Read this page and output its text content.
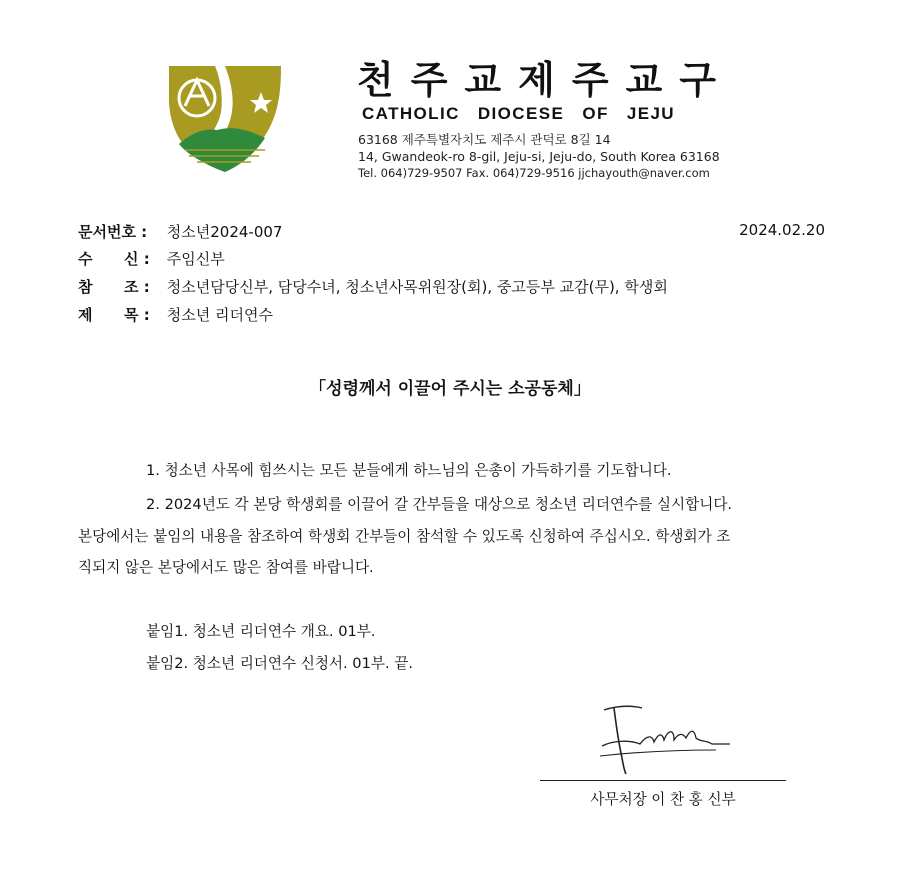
천주교제주교구
CATHOLIC DIOCESE OF JEJU
63168 제주특별자치도 제주시 관덕로 8길 14
14, Gwandeok-ro 8-gil, Jeju-si, Jeju-do, South Korea 63168
Tel. 064)729-9507 Fax. 064)729-9516 jjchayouth@naver.com
문서번호 : 청소년2024-007	2024.02.20
수 신 : 주임신부
참 조 : 청소년담당신부, 담당수녀, 청소년사목위원장(회), 중고등부 교감(무), 학생회
제 목 : 청소년 리더연수
「성령께서 이끌어 주시는 소공동체」
1. 청소년 사목에 힘쓰시는 모든 분들에게 하느님의 은총이 가득하기를 기도합니다.
2. 2024년도 각 본당 학생회를 이끌어 갈 간부들을 대상으로 청소년 리더연수를 실시합니다.
본당에서는 붙임의 내용을 참조하여 학생회 간부들이 참석할 수 있도록 신청하여 주십시오. 학생회가 조
직되지 않은 본당에서도 많은 참여를 바랍니다.
붙임1. 청소년 리더연수 개요. 01부.
붙임2. 청소년 리더연수 신청서. 01부. 끝.
사무처장 이 찬 홍 신부
